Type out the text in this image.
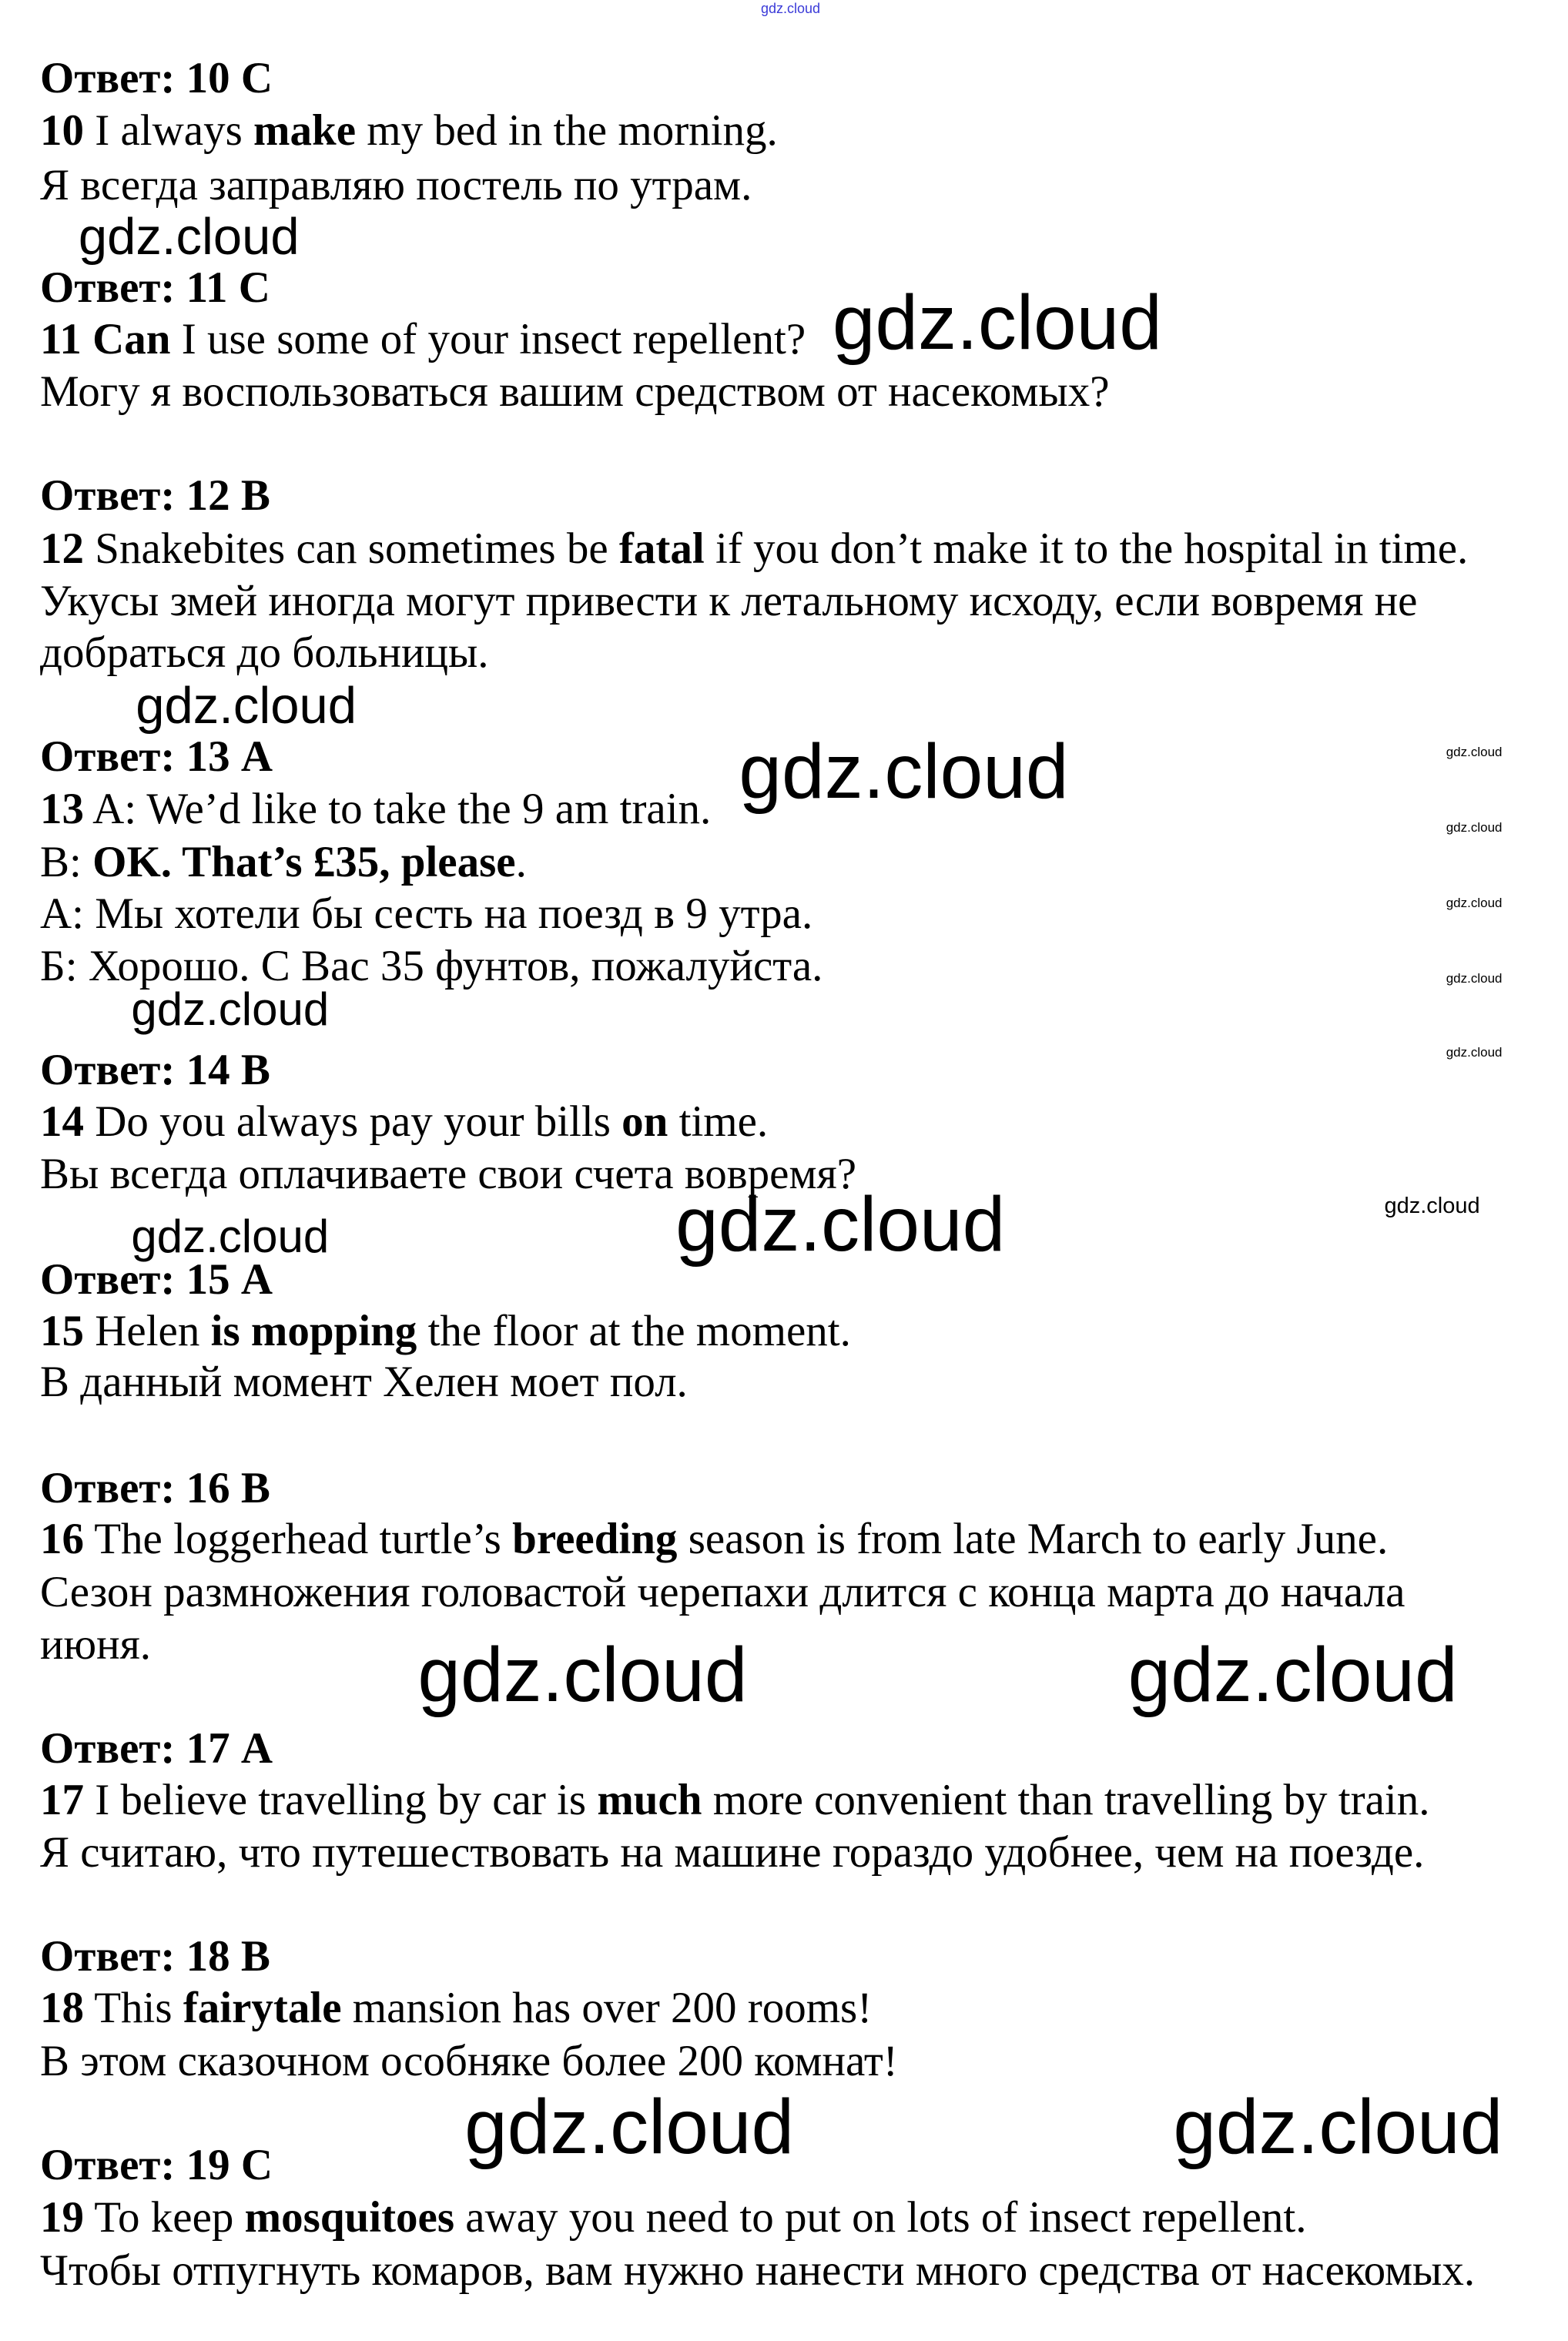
gdz.cloud
Ответ: 10 C
10 I always make my bed in the morning.
Я всегда заправляю постель по утрам.
Ответ: 11 C
11 Can I use some of your insect repellent?
Могу я воспользоваться вашим средством от насекомых?
Ответ: 12 B
12 Snakebites can sometimes be fatal if you don’t make it to the hospital in time.
Укусы змей иногда могут привести к летальному исходу, если вовремя не
добраться до больницы.
Ответ: 13 A
13 A: We’d like to take the 9 am train.
B: OK. That’s £35, please.
А: Мы хотели бы сесть на поезд в 9 утра.
Б: Хорошо. С Вас 35 фунтов, пожалуйста.
Ответ: 14 B
14 Do you always pay your bills on time.
Вы всегда оплачиваете свои счета вовремя?
Ответ: 15 A
15 Helen is mopping the floor at the moment.
В данный момент Хелен моет пол.
Ответ: 16 B
16 The loggerhead turtle’s breeding season is from late March to early June.
Сезон размножения головастой черепахи длится с конца марта до начала
июня.
Ответ: 17 A
17 I believe travelling by car is much more convenient than travelling by train.
Я считаю, что путешествовать на машине гораздо удобнее, чем на поезде.
Ответ: 18 B
18 This fairytale mansion has over 200 rooms!
В этом сказочном особняке более 200 комнат!
Ответ: 19 C
19 To keep mosquitoes away you need to put on lots of insect repellent.
Чтобы отпугнуть комаров, вам нужно нанести много средства от насекомых.
gdz.cloud
gdz.cloud
gdz.cloud
gdz.cloud	gdz.cloud
gdz.cloud	gdz.cloud
gdz.cloud
gdz.cloud
gdz.cloud
gdz.cloud
gdz.cloud
gdz.cloud
gdz.cloud
gdz.cloud
gdz.cloud
gdz.cloud
